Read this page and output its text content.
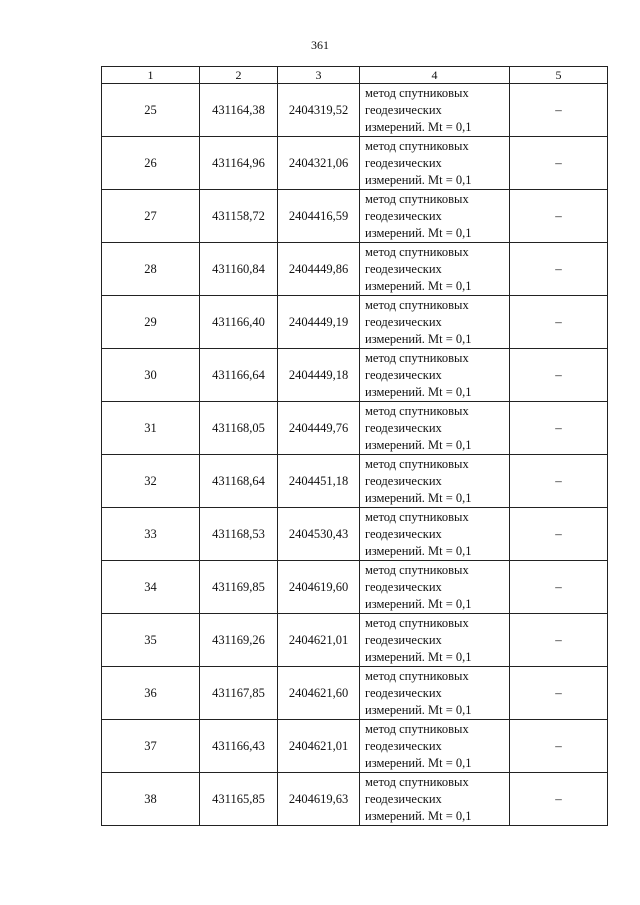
361
1	2	3	4	5
25	431164,38	2404319,52	метод спутниковых
геодезических
измерений. Mt = 0,1	–
26	431164,96	2404321,06	метод спутниковых
геодезических
измерений. Mt = 0,1	–
27	431158,72	2404416,59	метод спутниковых
геодезических
измерений. Mt = 0,1	–
28	431160,84	2404449,86	метод спутниковых
геодезических
измерений. Mt = 0,1	–
29	431166,40	2404449,19	метод спутниковых
геодезических
измерений. Mt = 0,1	–
30	431166,64	2404449,18	метод спутниковых
геодезических
измерений. Mt = 0,1	–
31	431168,05	2404449,76	метод спутниковых
геодезических
измерений. Mt = 0,1	–
32	431168,64	2404451,18	метод спутниковых
геодезических
измерений. Mt = 0,1	–
33	431168,53	2404530,43	метод спутниковых
геодезических
измерений. Mt = 0,1	–
34	431169,85	2404619,60	метод спутниковых
геодезических
измерений. Mt = 0,1	–
35	431169,26	2404621,01	метод спутниковых
геодезических
измерений. Mt = 0,1	–
36	431167,85	2404621,60	метод спутниковых
геодезических
измерений. Mt = 0,1	–
37	431166,43	2404621,01	метод спутниковых
геодезических
измерений. Mt = 0,1	–
38	431165,85	2404619,63	метод спутниковых
геодезических
измерений. Mt = 0,1	–
